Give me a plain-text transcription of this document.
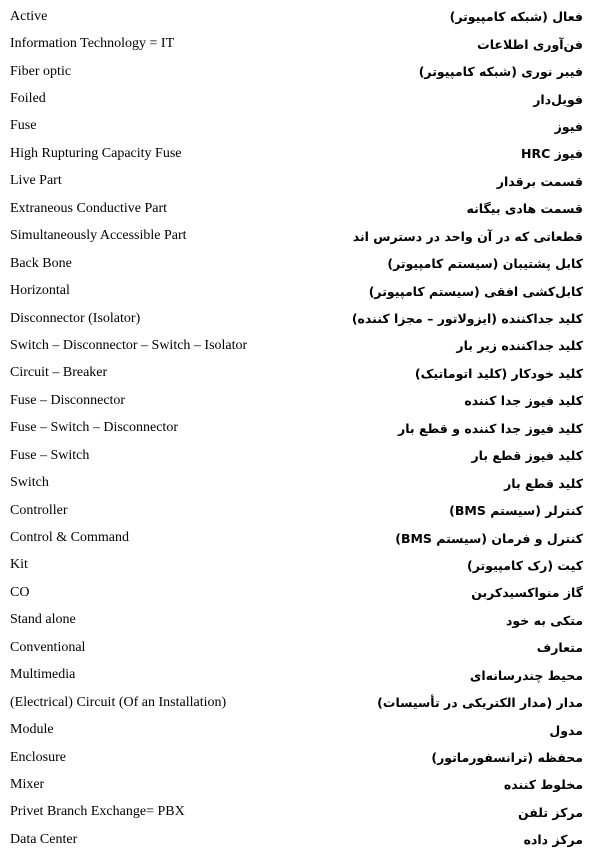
Active	فعال (شبکه کامپیوتر)
Information Technology = IT	فن‌آوری اطلاعات
Fiber optic	فیبر نوری (شبکه کامپیوتر)
Foiled	فویل‌دار
Fuse	فیوز
High Rupturing Capacity Fuse	فیوز HRC
Live Part	قسمت برقدار
Extraneous Conductive Part	قسمت هادی بیگانه
Simultaneously Accessible Part	قطعاتی که در آن واحد در دسترس اند
Back Bone	کابل پشتیبان (سیستم کامپیوتر)
Horizontal	کابل‌کشی افقی (سیستم کامپیوتر)
Disconnector (Isolator)	کلید جداکننده (ایزولاتور – مجزا کننده)
Switch – Disconnector – Switch – Isolator	کلید جداکننده زیر بار
Circuit – Breaker	کلید خودکار (کلید اتوماتیک)
Fuse – Disconnector	کلید فیوز جدا کننده
Fuse – Switch – Disconnector	کلید فیوز جدا کننده و قطع بار
Fuse – Switch	کلید فیوز قطع بار
Switch	کلید قطع بار
Controller	کنترلر (سیستم BMS)
Control & Command	کنترل و فرمان (سیستم BMS)
Kit	کیت (رک کامپیوتر)
CO	گاز منواکسیدکربن
Stand alone	متکی به خود
Conventional	متعارف
Multimedia	محیط چندرسانه‌ای
(Electrical) Circuit (Of an Installation)	مدار (مدار الکتریکی در تأسیسات)
Module	مدول
Enclosure	محفظه (ترانسفورماتور)
Mixer	مخلوط کننده
Privet Branch Exchange= PBX	مرکز تلفن
Data Center	مرکز داده
